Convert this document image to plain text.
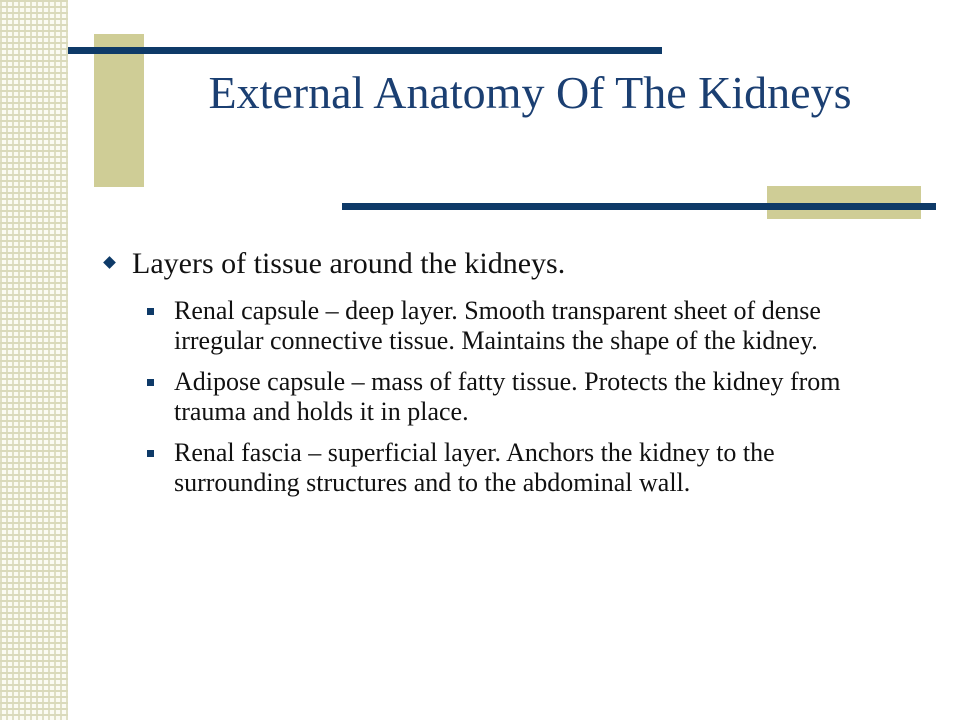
External Anatomy Of The Kidneys
Layers of tissue around the kidneys.
Renal capsule – deep layer. Smooth transparent sheet of dense irregular connective tissue. Maintains the shape of the kidney.
Adipose capsule – mass of fatty tissue. Protects the kidney from trauma and holds it in place.
Renal fascia – superficial layer. Anchors the kidney to the surrounding structures and to the abdominal wall.
